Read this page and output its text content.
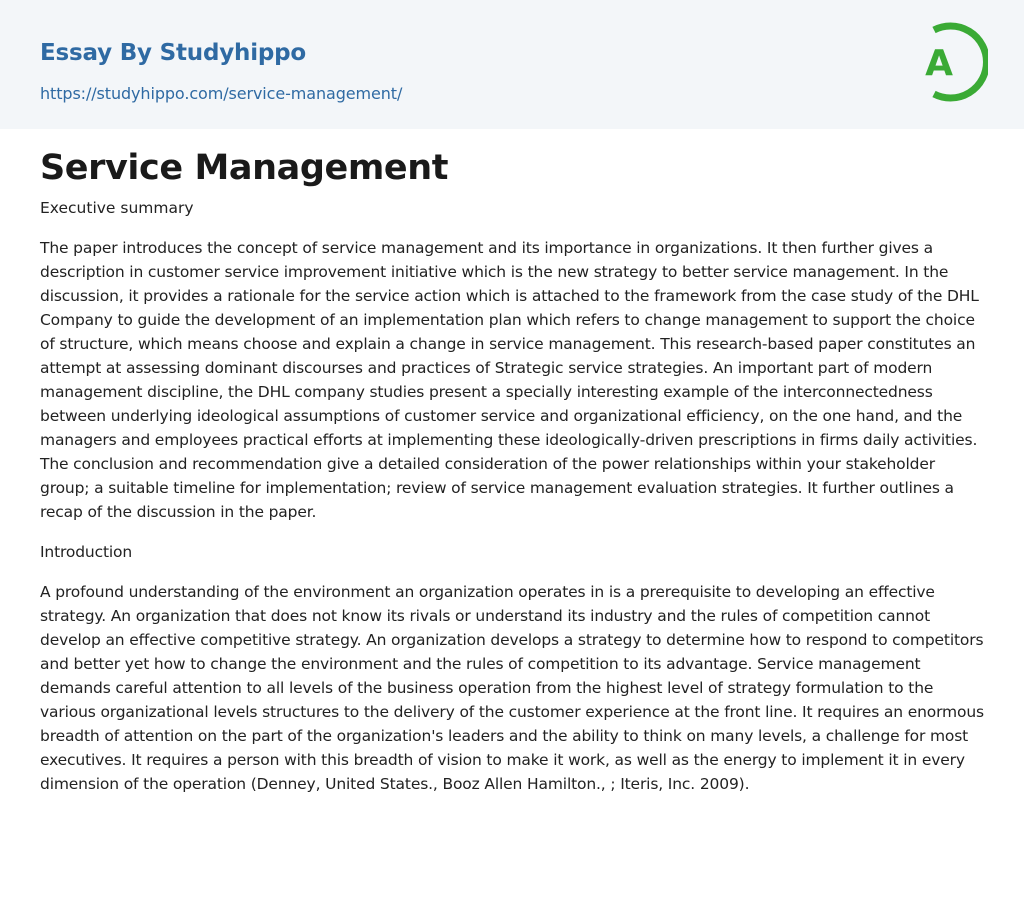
Essay By Studyhippo
https://studyhippo.com/service-management/
A
Service Management
Executive summary

The paper introduces the concept of service management and its importance in organizations. It then further gives a description in customer service improvement initiative which is the new strategy to better service management. In the discussion, it provides a rationale for the service action which is attached to the framework from the case study of the DHL Company to guide the development of an implementation plan which refers to change management to support the choice of structure, which means choose and explain a change in service management. This research-based paper constitutes an attempt at assessing dominant discourses and practices of Strategic service strategies. An important part of modern management discipline, the DHL company studies present a specially interesting example of the interconnectedness between underlying ideological assumptions of customer service and organizational efficiency, on the one hand, and the managers and employees practical efforts at implementing these ideologically-driven prescriptions in firms daily activities. The conclusion and recommendation give a detailed consideration of the power relationships within your stakeholder group; a suitable timeline for implementation; review of service management evaluation strategies. It further outlines a recap of the discussion in the paper.

Introduction

A profound understanding of the environment an organization operates in is a prerequisite to developing an effective strategy. An organization that does not know its rivals or understand its industry and the rules of competition cannot develop an effective competitive strategy. An organization develops a strategy to determine how to respond to competitors and better yet how to change the environment and the rules of competition to its advantage. Service management demands careful attention to all levels of the business operation from the highest level of strategy formulation to the various organizational levels structures to the delivery of the customer experience at the front line. It requires an enormous breadth of attention on the part of the organization's leaders and the ability to think on many levels, a challenge for most executives. It requires a person with this breadth of vision to make it work, as well as the energy to implement it in every dimension of the operation (Denney, United States., Booz Allen Hamilton., ; Iteris, Inc. 2009).
